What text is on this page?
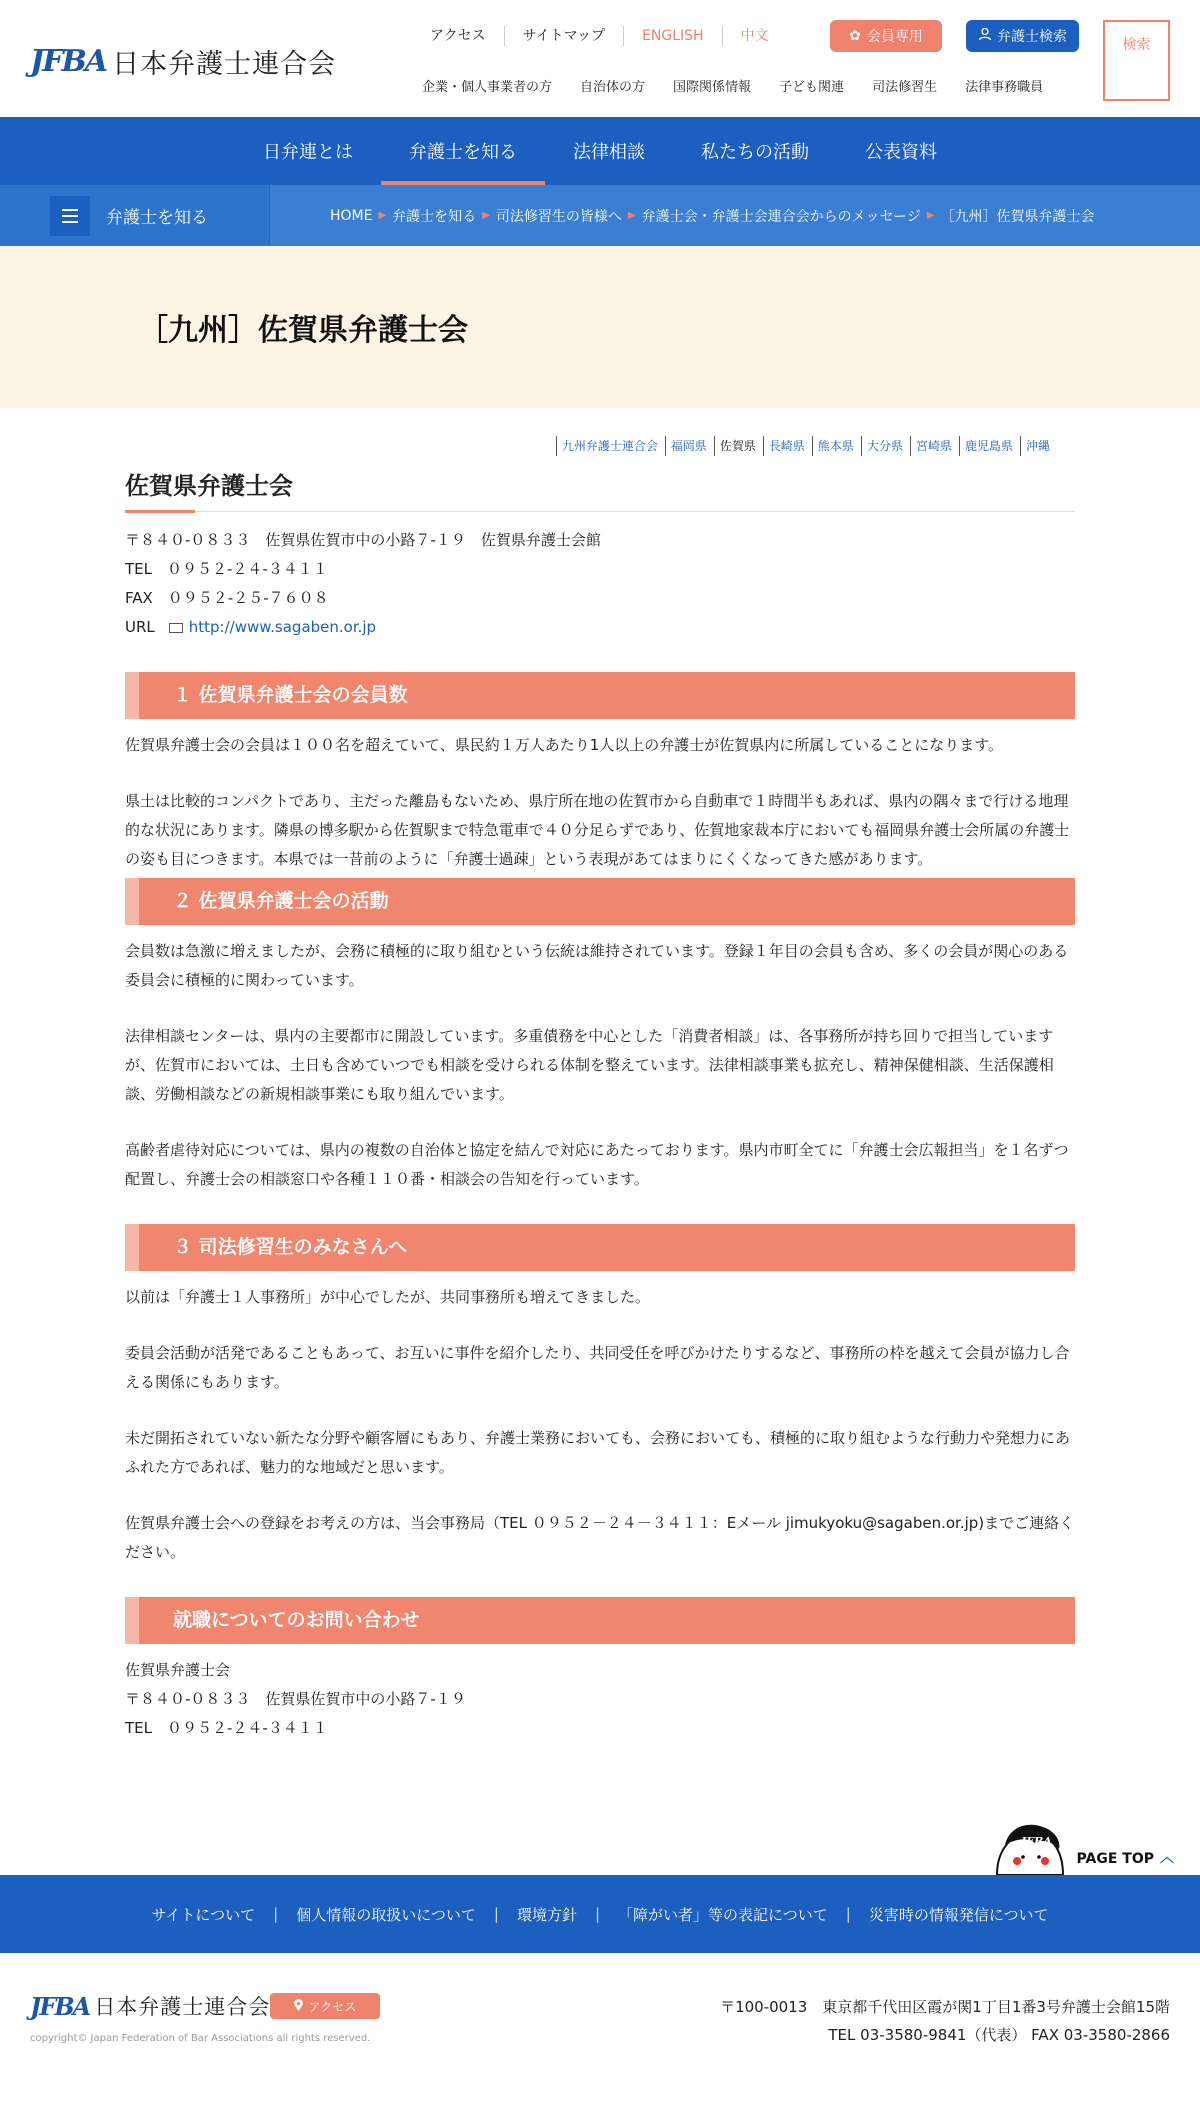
JFBA 日本弁護士連合会
アクセス	サイトマップ	ENGLISH	中文	✿ 会員専用	弁護士検索	検索
企業・個人事業者の方	自治体の方	国際関係情報	子ども関連	司法修習生	法律事務職員
日弁連とは	弁護士を知る	法律相談	私たちの活動	公表資料
弁護士を知る	HOME ▶ 弁護士を知る ▶ 司法修習生の皆様へ ▶ 弁護士会・弁護士会連合会からのメッセージ ▶ ［九州］佐賀県弁護士会
［九州］佐賀県弁護士会
九州弁護士連合会	福岡県	佐賀県	長崎県	熊本県	大分県	宮崎県	鹿児島県	沖縄
佐賀県弁護士会
〒８４０-０８３３　佐賀県佐賀市中の小路７-１９　佐賀県弁護士会館
TEL　０９５２-２４-３４１１
FAX　０９５２-２５-７６０８
URL http://www.sagaben.or.jp
１ 佐賀県弁護士会の会員数

佐賀県弁護士会の会員は１００名を超えていて、県民約１万人あたり1人以上の弁護士が佐賀県内に所属していることになります。

県土は比較的コンパクトであり、主だった離島もないため、県庁所在地の佐賀市から自動車で１時間半もあれば、県内の隅々まで行ける地理的な状況にあります。隣県の博多駅から佐賀駅まで特急電車で４０分足らずであり、佐賀地家裁本庁においても福岡県弁護士会所属の弁護士の姿も目につきます。本県では一昔前のように「弁護士過疎」という表現があてはまりにくくなってきた感があります。

２ 佐賀県弁護士会の活動

会員数は急激に増えましたが、会務に積極的に取り組むという伝統は維持されています。登録１年目の会員も含め、多くの会員が関心のある委員会に積極的に関わっています。

法律相談センターは、県内の主要都市に開設しています。多重債務を中心とした「消費者相談」は、各事務所が持ち回りで担当していますが、佐賀市においては、土日も含めていつでも相談を受けられる体制を整えています。法律相談事業も拡充し、精神保健相談、生活保護相談、労働相談などの新規相談事業にも取り組んでいます。

高齢者虐待対応については、県内の複数の自治体と協定を結んで対応にあたっております。県内市町全てに「弁護士会広報担当」を１名ずつ配置し、弁護士会の相談窓口や各種１１０番・相談会の告知を行っています。

３ 司法修習生のみなさんへ

以前は「弁護士１人事務所」が中心でしたが、共同事務所も増えてきました。

委員会活動が活発であることもあって、お互いに事件を紹介したり、共同受任を呼びかけたりするなど、事務所の枠を越えて会員が協力し合える関係にもあります。

未だ開拓されていない新たな分野や顧客層にもあり、弁護士業務においても、会務においても、積極的に取り組むような行動力や発想力にあふれた方であれば、魅力的な地域だと思います。

佐賀県弁護士会への登録をお考えの方は、当会事務局（TEL ０９５２－２４－３４１１：Eメール jimukyoku@sagaben.or.jp)までご連絡ください。

就職についてのお問い合わせ

佐賀県弁護士会

〒８４０-０８３３　佐賀県佐賀市中の小路７-１９

TEL　０９５２-２４-３４１１

JFBA
PAGE TOP ︿
サイトについて	|	個人情報の取扱いについて	|	環境方針	|	「障がい者」等の表記について	|	災害時の情報発信について
JFBA 日本弁護士連合会	アクセス
copyright© Japan Federation of Bar Associations all rights reserved.
〒100-0013　東京都千代田区霞が関1丁目1番3号弁護士会館15階
TEL 03-3580-9841（代表） FAX 03-3580-2866
